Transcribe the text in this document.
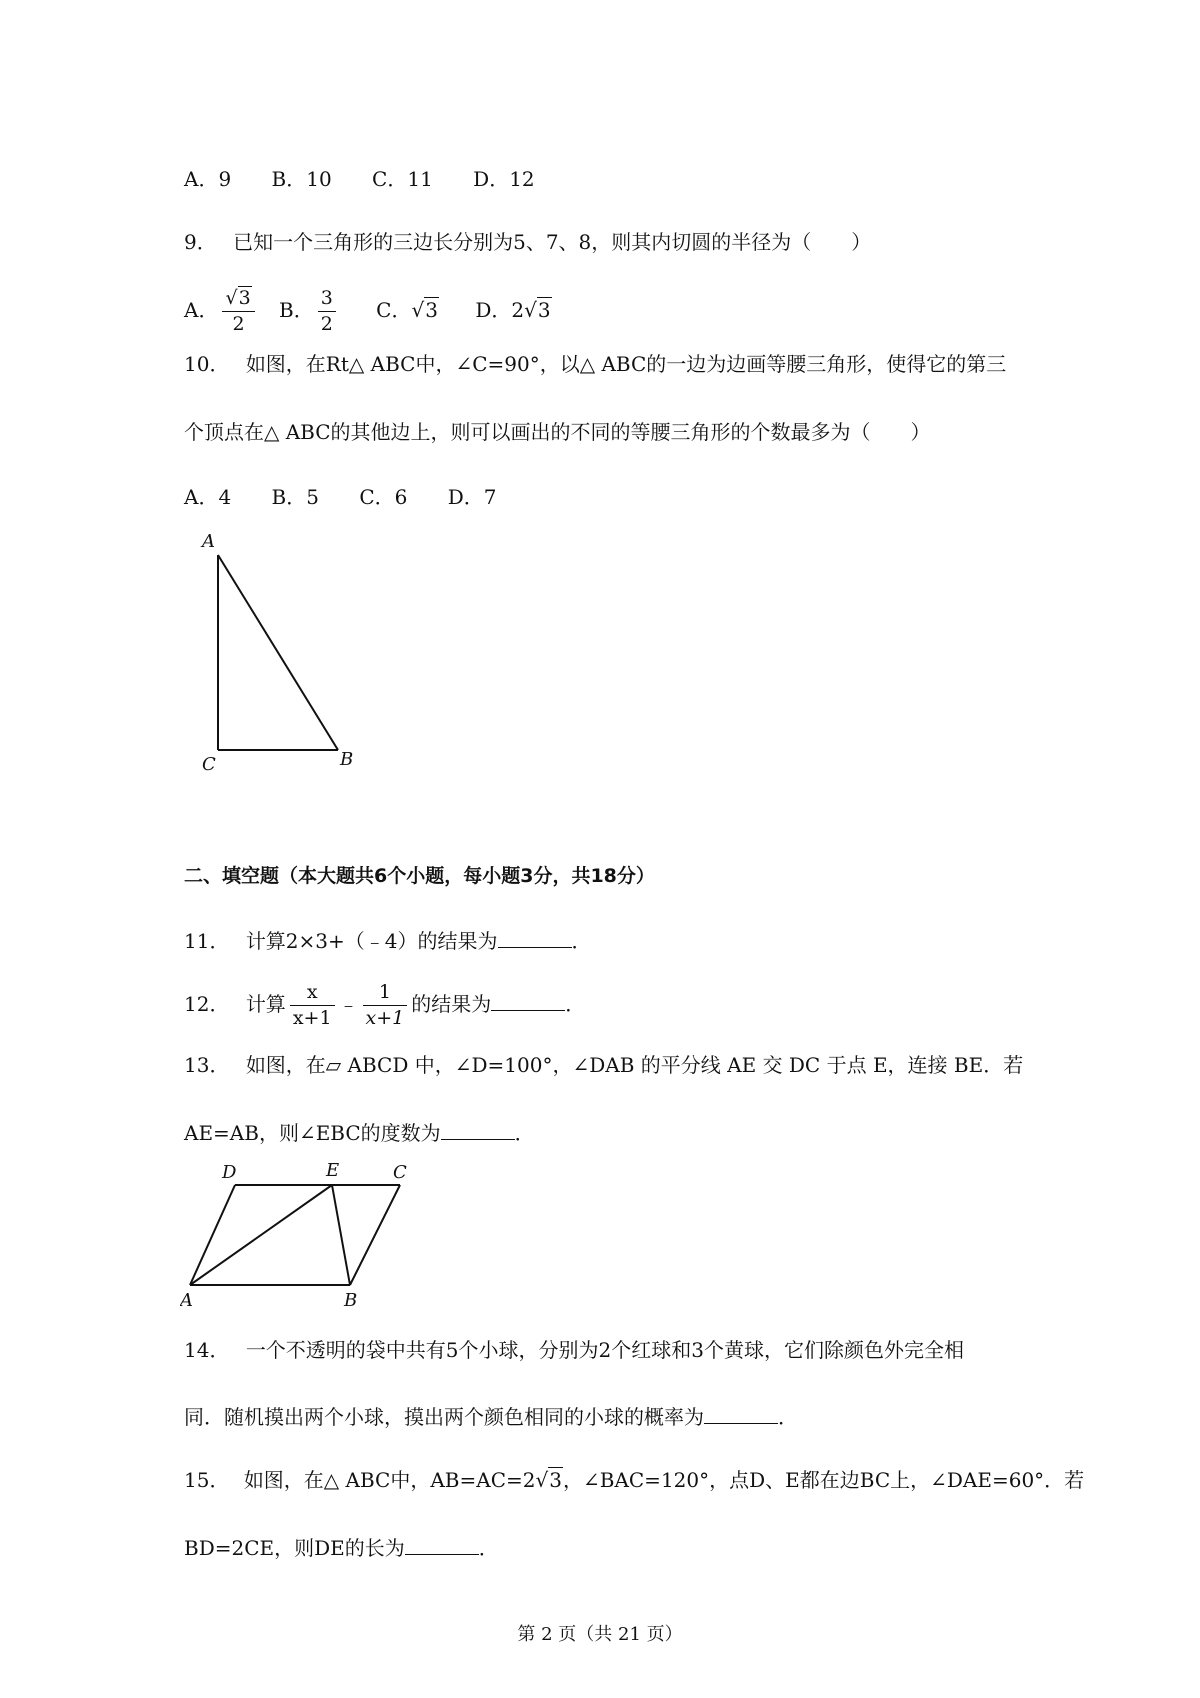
A．9 B．10 C．11 D．12
9． 已知一个三角形的三边长分别为5、7、8，则其内切圆的半径为（　　）
A． $\frac{√3}{2}$ B． $\frac{3}{2}$ C．√3 D．2√3
10． 如图，在Rt△ ABC中，∠C=90°，以△ ABC的一边为边画等腰三角形，使得它的第三
个顶点在△ ABC的其他边上，则可以画出的不同的等腰三角形的个数最多为（　　）
A．4 B．5 C．6 D．7
A
C	B
二、填空题（本大题共6个小题，每小题3分，共18分）
11． 计算2×3+（﹣4）的结果为	．
12． 计算 $\frac{x}{x+1}$ ﹣ $\frac{1}{x+1}$ 的结果为	．
13． 如图，在▱ ABCD 中，∠D=100°，∠DAB 的平分线 AE 交 DC 于点 E，连接 BE．若
AE=AB，则∠EBC的度数为	．
D	E	C
A	B
14． 一个不透明的袋中共有5个小球，分别为2个红球和3个黄球，它们除颜色外完全相
同．随机摸出两个小球，摸出两个颜色相同的小球的概率为	．
15． 如图，在△ ABC中，AB=AC=2√3，∠BAC=120°，点D、E都在边BC上，∠DAE=60°．若
BD=2CE，则DE的长为	．
第 2 页（共 21 页）
